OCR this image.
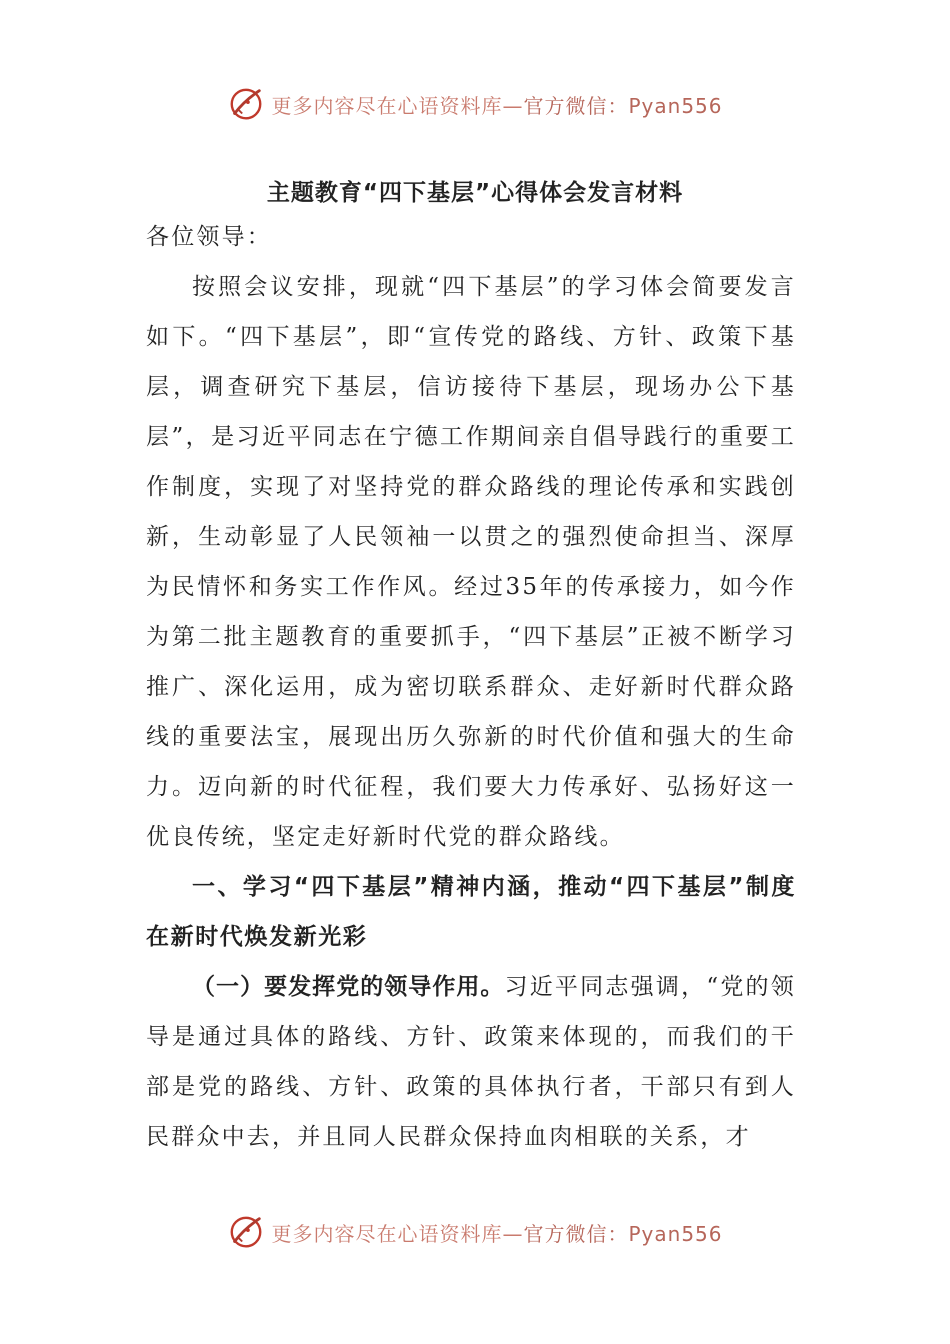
更多内容尽在心语资料库—官方微信：Pyan556
主题教育“四下基层”心得体会发言材料

各位领导：

按照会议安排，现就“四下基层”的学习体会简要发言如下。“四下基层”，即“宣传党的路线、方针、政策下基层，调查研究下基层，信访接待下基层，现场办公下基层”，是习近平同志在宁德工作期间亲自倡导践行的重要工作制度，实现了对坚持党的群众路线的理论传承和实践创新，生动彰显了人民领袖一以贯之的强烈使命担当、深厚为民情怀和务实工作作风。经过35年的传承接力，如今作为第二批主题教育的重要抓手，“四下基层”正被不断学习推广、深化运用，成为密切联系群众、走好新时代群众路线的重要法宝，展现出历久弥新的时代价值和强大的生命力。迈向新的时代征程，我们要大力传承好、弘扬好这一优良传统，坚定走好新时代党的群众路线。

一、学习“四下基层”精神内涵，推动“四下基层”制度在新时代焕发新光彩

（一）要发挥党的领导作用。习近平同志强调，“党的领导是通过具体的路线、方针、政策来体现的，而我们的干部是党的路线、方针、政策的具体执行者，干部只有到人民群众中去，并且同人民群众保持血肉相联的关系，才

更多内容尽在心语资料库—官方微信：Pyan556
